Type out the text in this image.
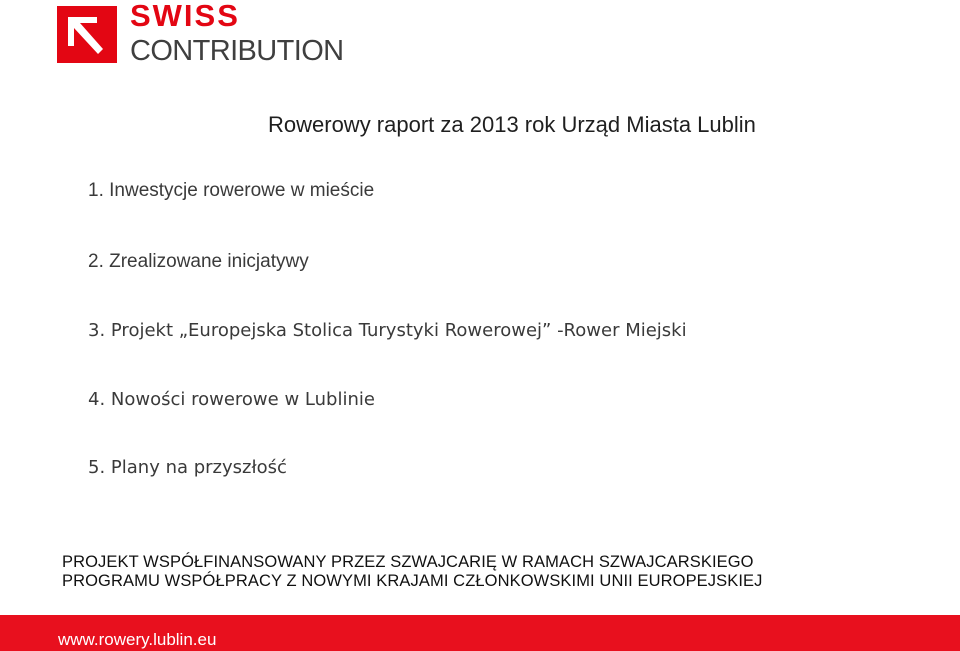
SWISS
CONTRIBUTION
Rowerowy raport za 2013 rok Urząd Miasta Lublin
1. Inwestycje rowerowe w mieście
2. Zrealizowane inicjatywy
3. Projekt „Europejska Stolica Turystyki Rowerowej” -Rower Miejski
4. Nowości rowerowe w Lublinie
5. Plany na przyszłość
PROJEKT WSPÓŁFINANSOWANY PRZEZ SZWAJCARIĘ W RAMACH SZWAJCARSKIEGO
PROGRAMU WSPÓŁPRACY Z NOWYMI KRAJAMI CZŁONKOWSKIMI UNII EUROPEJSKIEJ
www.rowery.lublin.eu
